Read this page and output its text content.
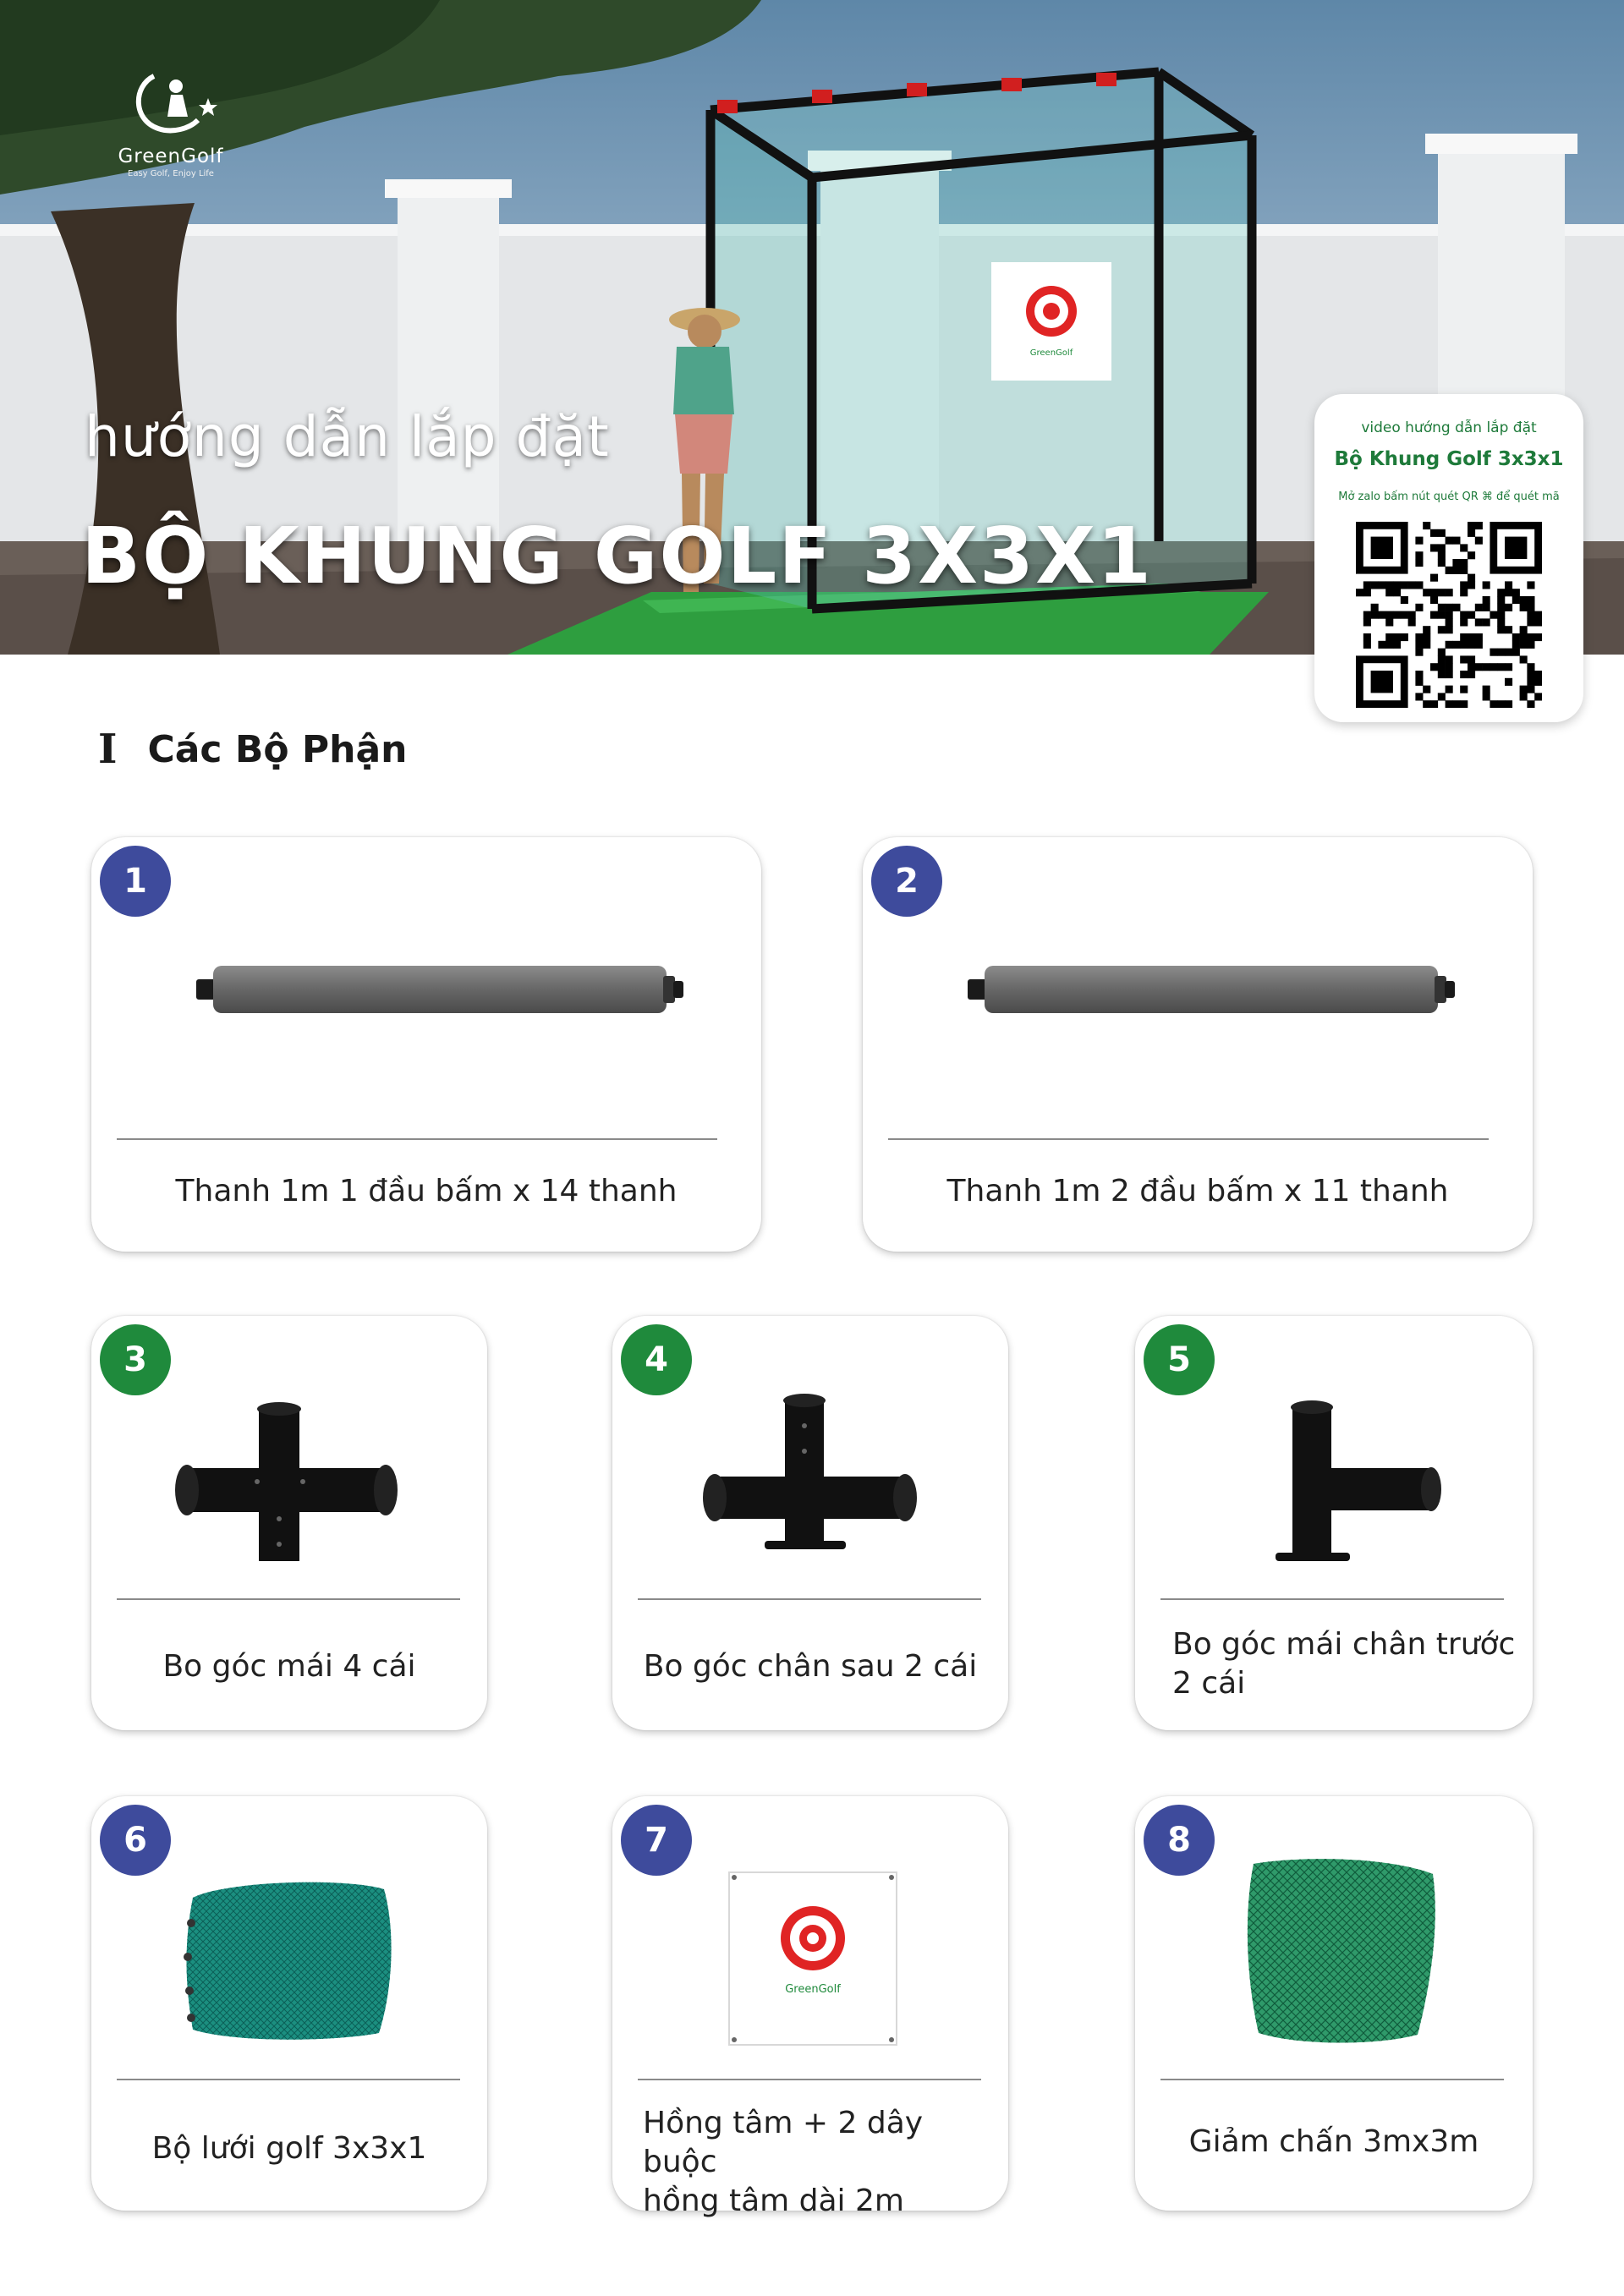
GreenGolf
GreenGolf
Easy Golf, Enjoy Life
hướng dẫn lắp đặt
BỘ KHUNG GOLF 3X3X1
video hướng dẫn lắp đặt
Bộ Khung Golf 3x3x1
Mở zalo bấm nút quét QR ⌘ để quét mã
I Các Bộ Phận
1
Thanh 1m 1 đầu bấm x 14 thanh
2
Thanh 1m 2 đầu bấm x 11 thanh
3
Bo góc mái 4 cái
4
Bo góc chân sau 2 cái
5
Bo góc mái chân trước
2 cái
6
Bộ lưới golf 3x3x1
7
GreenGolf
Hồng tâm + 2 dây buộc
hồng tâm dài 2m
8
Giảm chấn 3mx3m
